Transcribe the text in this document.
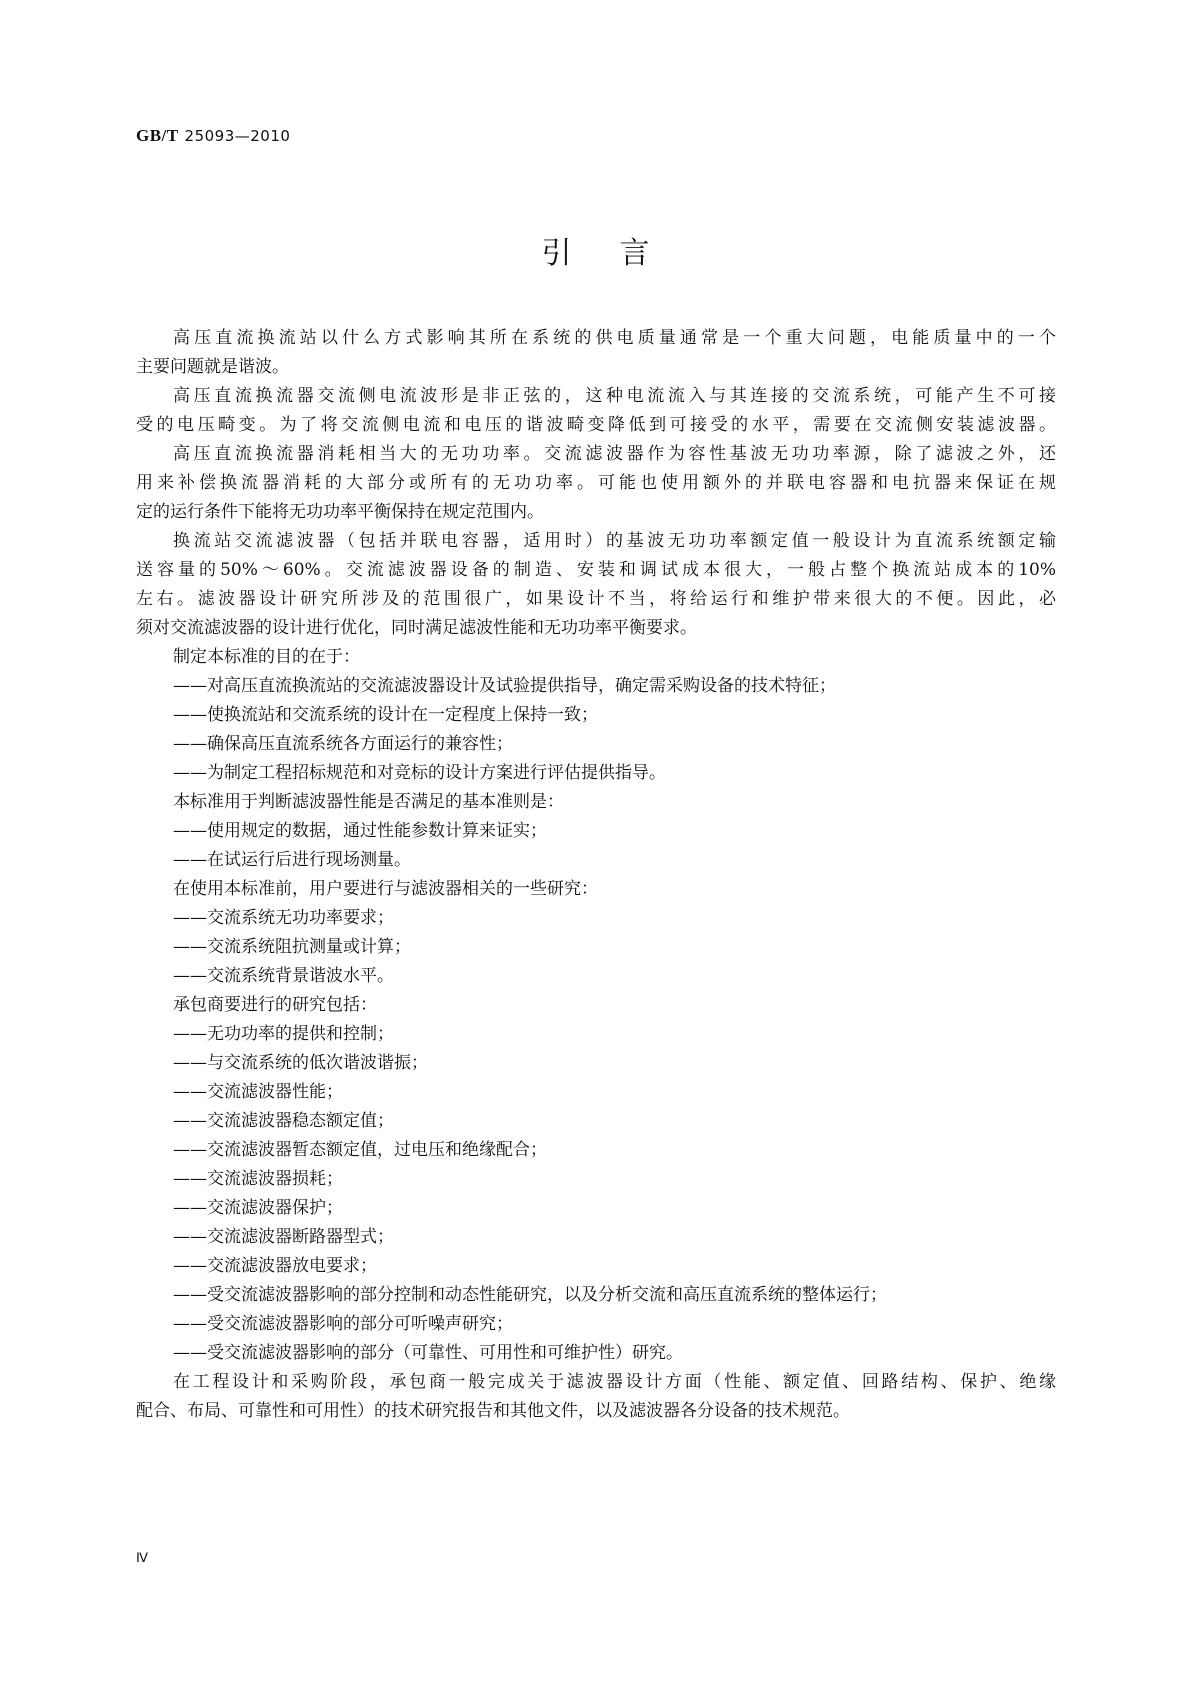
GB/T 25093—2010
引言
高压直流换流站以什么方式影响其所在系统的供电质量通常是一个重大问题，电能质量中的一个
主要问题就是谐波。
高压直流换流器交流侧电流波形是非正弦的，这种电流流入与其连接的交流系统，可能产生不可接
受的电压畸变。为了将交流侧电流和电压的谐波畸变降低到可接受的水平，需要在交流侧安装滤波器。
高压直流换流器消耗相当大的无功功率。交流滤波器作为容性基波无功功率源，除了滤波之外，还
用来补偿换流器消耗的大部分或所有的无功功率。可能也使用额外的并联电容器和电抗器来保证在规
定的运行条件下能将无功功率平衡保持在规定范围内。
换流站交流滤波器（包括并联电容器，适用时）的基波无功功率额定值一般设计为直流系统额定输
送容量的50%～60%。交流滤波器设备的制造、安装和调试成本很大，一般占整个换流站成本的10%
左右。滤波器设计研究所涉及的范围很广，如果设计不当，将给运行和维护带来很大的不便。因此，必
须对交流滤波器的设计进行优化，同时满足滤波性能和无功功率平衡要求。
制定本标准的目的在于：
——对高压直流换流站的交流滤波器设计及试验提供指导，确定需采购设备的技术特征；
——使换流站和交流系统的设计在一定程度上保持一致；
——确保高压直流系统各方面运行的兼容性；
——为制定工程招标规范和对竞标的设计方案进行评估提供指导。
本标准用于判断滤波器性能是否满足的基本准则是：
——使用规定的数据，通过性能参数计算来证实；
——在试运行后进行现场测量。
在使用本标准前，用户要进行与滤波器相关的一些研究：
——交流系统无功功率要求；
——交流系统阻抗测量或计算；
——交流系统背景谐波水平。
承包商要进行的研究包括：
——无功功率的提供和控制；
——与交流系统的低次谐波谐振；
——交流滤波器性能；
——交流滤波器稳态额定值；
——交流滤波器暂态额定值，过电压和绝缘配合；
——交流滤波器损耗；
——交流滤波器保护；
——交流滤波器断路器型式；
——交流滤波器放电要求；
——受交流滤波器影响的部分控制和动态性能研究，以及分析交流和高压直流系统的整体运行；
——受交流滤波器影响的部分可听噪声研究；
——受交流滤波器影响的部分（可靠性、可用性和可维护性）研究。
在工程设计和采购阶段，承包商一般完成关于滤波器设计方面（性能、额定值、回路结构、保护、绝缘
配合、布局、可靠性和可用性）的技术研究报告和其他文件，以及滤波器各分设备的技术规范。
Ⅳ
